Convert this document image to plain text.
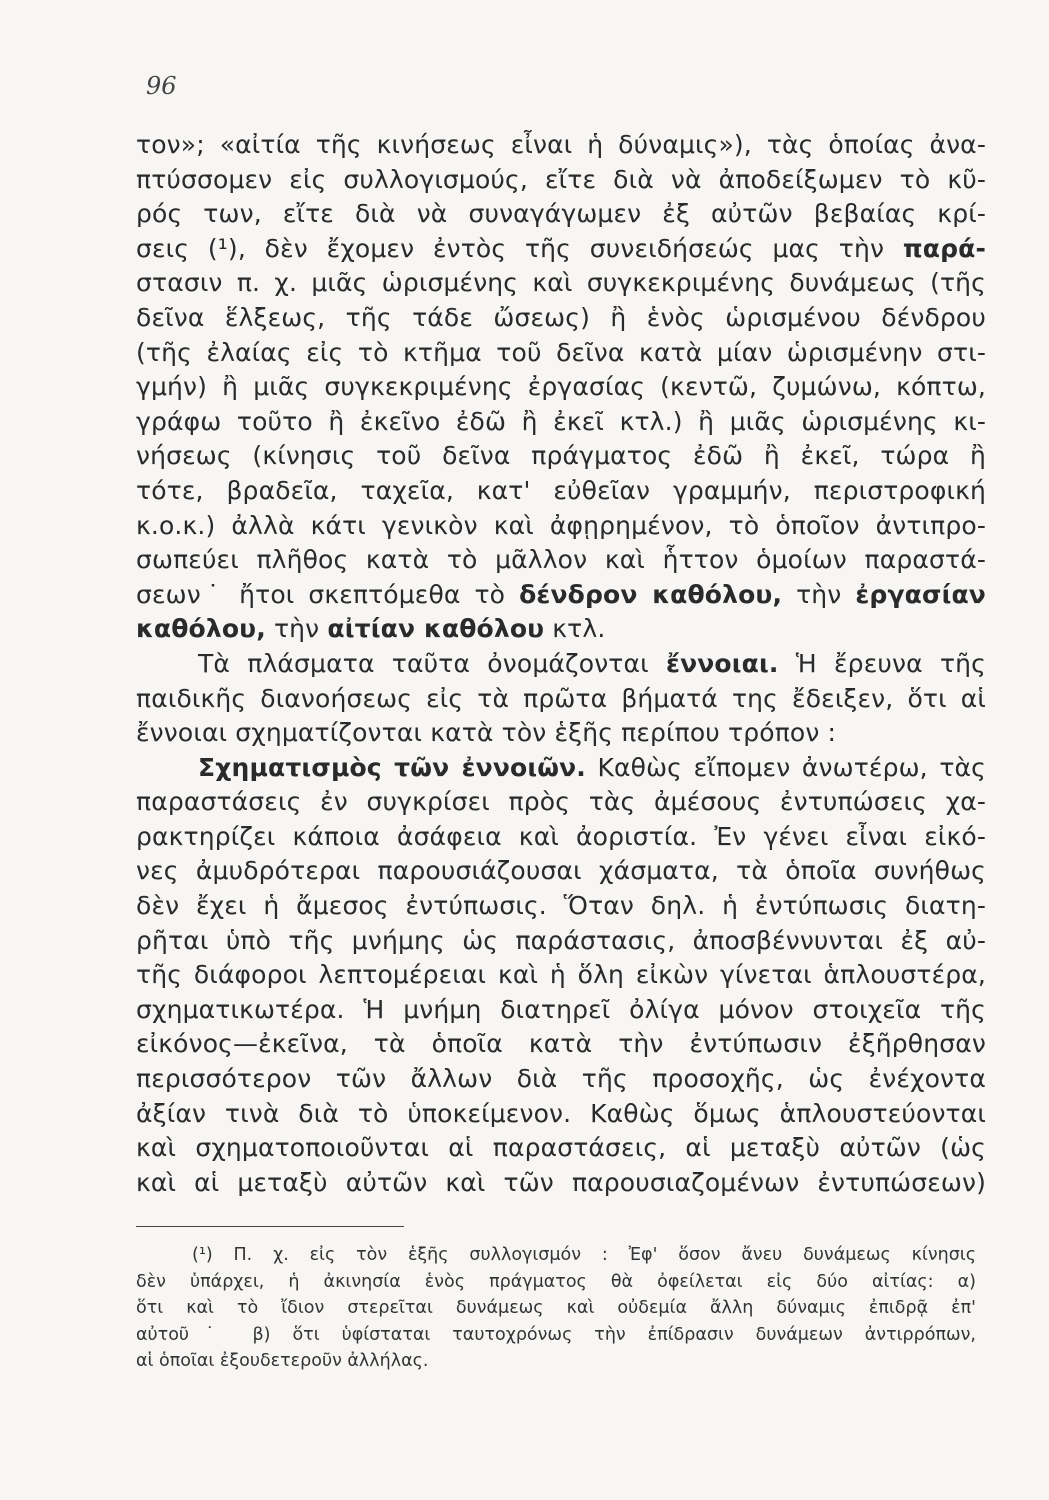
96
τον»; «αἰτία τῆς κινήσεως εἶναι ἡ δύναμις»), τὰς ὁποίας ἀνα-
πτύσσομεν εἰς συλλογισμούς, εἴτε διὰ νὰ ἀποδείξωμεν τὸ κῦ-
ρός των, εἴτε διὰ νὰ συναγάγωμεν ἐξ αὐτῶν βεβαίας κρί-
σεις (¹), δὲν ἔχομεν ἐντὸς τῆς συνειδήσεώς μας τὴν παρά-
στασιν π. χ. μιᾶς ὡρισμένης καὶ συγκεκριμένης δυνάμεως (τῆς
δεῖνα ἕλξεως, τῆς τάδε ὤσεως) ἢ ἑνὸς ὡρισμένου δένδρου
(τῆς ἐλαίας εἰς τὸ κτῆμα τοῦ δεῖνα κατὰ μίαν ὡρισμένην στι-
γμήν) ἢ μιᾶς συγκεκριμένης ἐργασίας (κεντῶ, ζυμώνω, κόπτω,
γράφω τοῦτο ἢ ἐκεῖνο ἐδῶ ἢ ἐκεῖ κτλ.) ἢ μιᾶς ὡρισμένης κι-
νήσεως (κίνησις τοῦ δεῖνα πράγματος ἐδῶ ἢ ἐκεῖ, τώρα ἢ
τότε, βραδεῖα, ταχεῖα, κατ' εὐθεῖαν γραμμήν, περιστροφική
κ.ο.κ.) ἀλλὰ κάτι γενικὸν καὶ ἀφῃρημένον, τὸ ὁποῖον ἀντιπρο-
σωπεύει πλῆθος κατὰ τὸ μᾶλλον καὶ ἧττον ὁμοίων παραστά-
σεων˙ ἤτοι σκεπτόμεθα τὸ δένδρον καθόλου, τὴν ἐργασίαν
καθόλου, τὴν αἰτίαν καθόλου κτλ.
Τὰ πλάσματα ταῦτα ὀνομάζονται ἔννοιαι. Ἡ ἔρευνα τῆς
παιδικῆς διανοήσεως εἰς τὰ πρῶτα βήματά της ἔδειξεν, ὅτι αἱ
ἔννοιαι σχηματίζονται κατὰ τὸν ἑξῆς περίπου τρόπον :
Σχηματισμὸς τῶν ἐννοιῶν. Καθὼς εἴπομεν ἀνωτέρω, τὰς
παραστάσεις ἐν συγκρίσει πρὸς τὰς ἀμέσους ἐντυπώσεις χα-
ρακτηρίζει κάποια ἀσάφεια καὶ ἀοριστία. Ἐν γένει εἶναι εἰκό-
νες ἀμυδρότεραι παρουσιάζουσαι χάσματα, τὰ ὁποῖα συνήθως
δὲν ἔχει ἡ ἄμεσος ἐντύπωσις. Ὅταν δηλ. ἡ ἐντύπωσις διατη-
ρῆται ὑπὸ τῆς μνήμης ὡς παράστασις, ἀποσβέννυνται ἐξ αὐ-
τῆς διάφοροι λεπτομέρειαι καὶ ἡ ὅλη εἰκὼν γίνεται ἁπλουστέρα,
σχηματικωτέρα. Ἡ μνήμη διατηρεῖ ὀλίγα μόνον στοιχεῖα τῆς
εἰκόνος—ἐκεῖνα, τὰ ὁποῖα κατὰ τὴν ἐντύπωσιν ἐξῆρθησαν
περισσότερον τῶν ἄλλων διὰ τῆς προσοχῆς, ὡς ἐνέχοντα
ἀξίαν τινὰ διὰ τὸ ὑποκείμενον. Καθὼς ὅμως ἁπλουστεύονται
καὶ σχηματοποιοῦνται αἱ παραστάσεις, αἱ μεταξὺ αὐτῶν (ὡς
καὶ αἱ μεταξὺ αὐτῶν καὶ τῶν παρουσιαζομένων ἐντυπώσεων)
(¹) Π. χ. εἰς τὸν ἑξῆς συλλογισμόν : Ἐφ' ὅσον ἄνευ δυνάμεως κίνησις
δὲν ὑπάρχει, ἡ ἀκινησία ἑνὸς πράγματος θὰ ὀφείλεται εἰς δύο αἰτίας: α)
ὅτι καὶ τὸ ἴδιον στερεῖται δυνάμεως καὶ οὐδεμία ἄλλη δύναμις ἐπιδρᾷ ἐπ'
αὐτοῦ˙ β) ὅτι ὑφίσταται ταυτοχρόνως τὴν ἐπίδρασιν δυνάμεων ἀντιρρόπων,
αἱ ὁποῖαι ἐξουδετεροῦν ἀλλήλας.
